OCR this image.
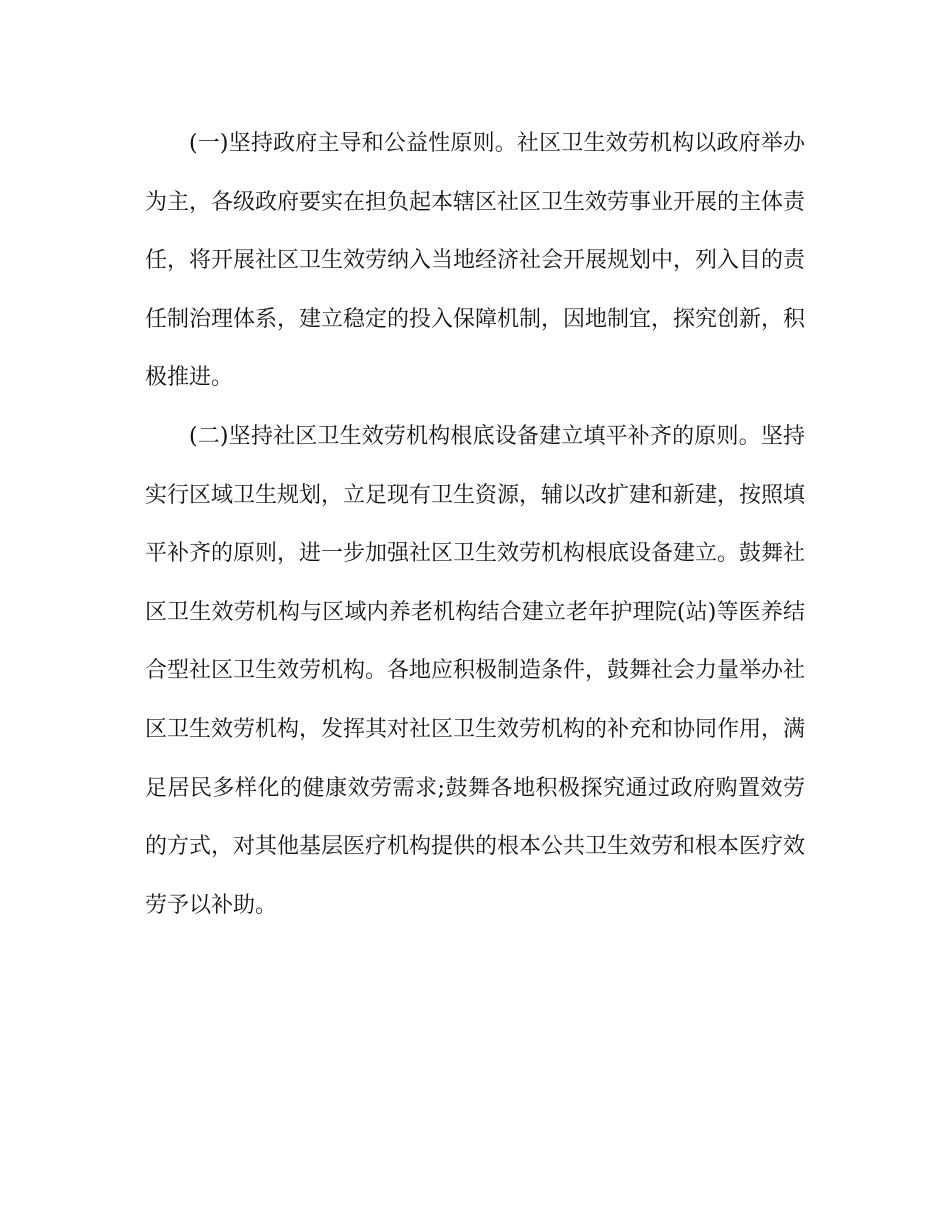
(一)坚持政府主导和公益性原则。社区卫生效劳机构以政府举办为主，各级政府要实在担负起本辖区社区卫生效劳事业开展的主体责任，将开展社区卫生效劳纳入当地经济社会开展规划中，列入目的责任制治理体系，建立稳定的投入保障机制，因地制宜，探究创新，积极推进。

(二)坚持社区卫生效劳机构根底设备建立填平补齐的原则。坚持实行区域卫生规划，立足现有卫生资源，辅以改扩建和新建，按照填平补齐的原则，进一步加强社区卫生效劳机构根底设备建立。鼓舞社区卫生效劳机构与区域内养老机构结合建立老年护理院(站)等医养结合型社区卫生效劳机构。各地应积极制造条件，鼓舞社会力量举办社区卫生效劳机构，发挥其对社区卫生效劳机构的补充和协同作用，满足居民多样化的健康效劳需求;鼓舞各地积极探究通过政府购置效劳的方式，对其他基层医疗机构提供的根本公共卫生效劳和根本医疗效劳予以补助。
